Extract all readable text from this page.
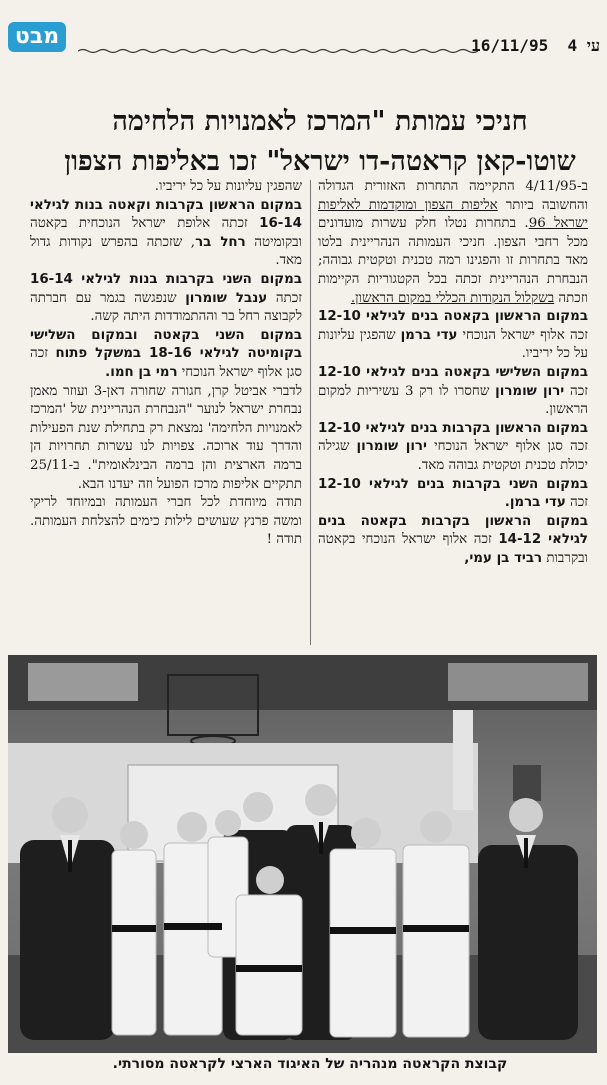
מבט	עי 4  16/11/95
חניכי עמותת "המרכז לאמנויות הלחימה
שוטו-קאן קראטה-דו ישראל" זכו באליפות הצפון

ב-4/11/95 התקיימה התחרות האזורית הגדולה והחשובה ביותר אליפות הצפון ומוקדמות לאליפות ישראל 96. בתחרות נטלו חלק עשרות מועדונים מכל רחבי הצפון. חניכי העמותה הנהריינית בלטו מאד בתחרות זו והפגינו רמה טכנית וטקטית גבוהה; הנבחרת הנהריינית זכתה בכל הקטגוריות הקיימות וזכתה בשקלול הנקודות הכללי במקום הראשון.
במקום הראשון בקאטה בנים לגילאי 12-10 זכה אלוף ישראל הנוכחי עדי ברמן שהפגין עליונות על כל יריביו.
במקום השלישי בקאטה בנים לגילאי 12-10 זכה ירון שומרון שחסרו לו רק 3 עשיריות למקום הראשון.
במקום הראשון בקרבות בנים לגילאי 12-10 זכה סגן אלוף ישראל הנוכחי ירון שומרון שגילה יכולת טכנית וטקטית גבוהה מאד.
במקום השני בקרבות בנים לגילאי 12-10 זכה עדי ברמן.
במקום הראשון בקרבות בקאטה בנים לגילאי 14-12 זכה אלוף ישראל הנוכחי בקאטה ובקרבות רביד בן עמי,

שהפגין עליונות על כל יריביו.
במקום הראשון בקרבות וקאטה בנות לגילאי 16-14 זכתה אלופת ישראל הנוכחית בקאטה ובקומיטה רחל בר, שזכתה בהפרש נקודות גדול מאד.
במקום השני בקרבות בנות לגילאי 16-14 זכתה ענבל שומרון שנפגשה בגמר עם חברתה לקבוצה רחל בר וההתמודדות היתה קשה.
במקום השני בקאטה ובמקום השלישי בקומיטה לגילאי 18-16 במשקל פתוח זכה סגן אלוף ישראל הנוכחי רמי בן חמו.
לדברי אביטל קרן, חגורה שחורה דאן-3 ועוזר מאמן נבחרת ישראל לנוער "הנבחרת הנהריינית של 'המרכז לאמנויות הלחימה' נמצאת רק בתחילת שנת הפעילות והדרך עוד ארוכה. צפויות לנו עשרות תחרויות הן ברמה הארצית והן ברמה הבינלאומית". ב-25/11 תתקיים אליפות מרכז הפועל וזה יעדנו הבא.
תודה מיוחדת לכל חברי העמותה ובמיוחד לריקי ומשה פרנץ שעושים לילות כימים להצלחת העמותה. תודה !

קבוצת הקראטה מנהריה של האיגוד הארצי לקראטה מסורתי.
